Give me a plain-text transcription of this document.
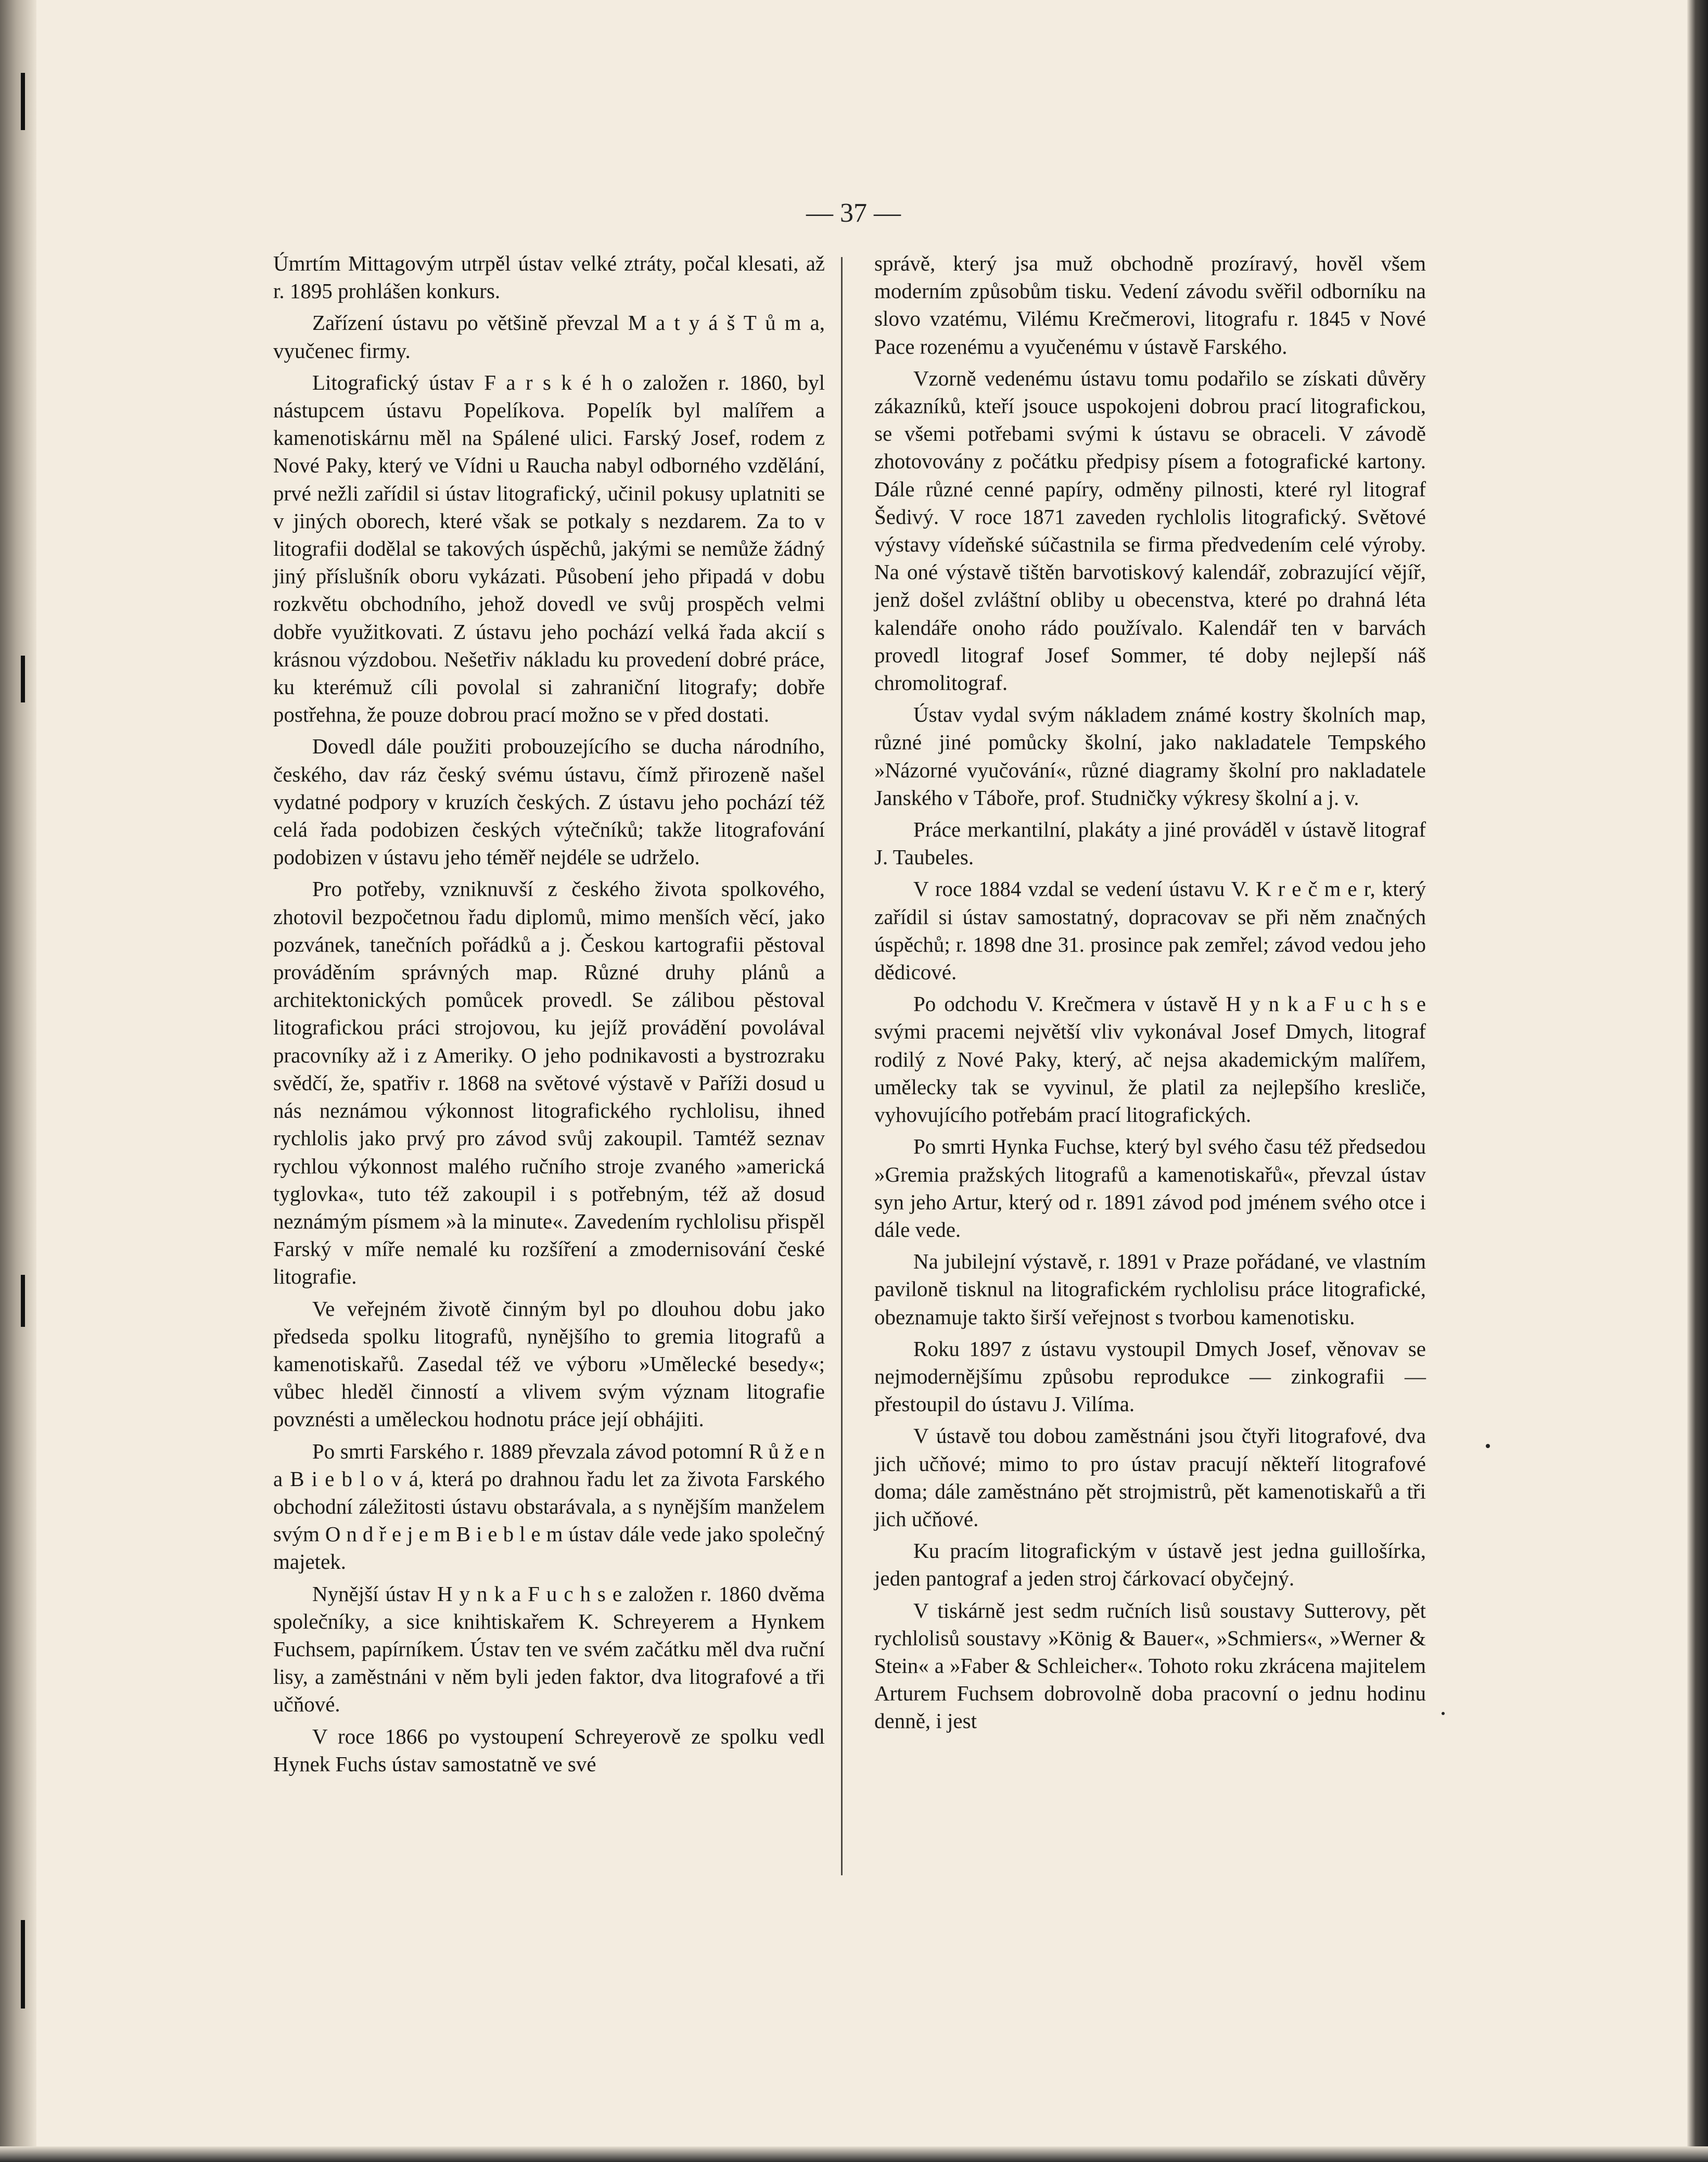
— 37 —

Úmrtím Mittagovým utrpěl ústav velké ztráty, počal klesati, až r. 1895 prohlášen konkurs.

Zařízení ústavu po většině převzal M a t y á š T ů m a, vyučenec firmy.

Litografický ústav F a r s k é h o založen r. 1860, byl nástupcem ústavu Popelíkova. Popelík byl malířem a kamenotiskárnu měl na Spálené ulici. Farský Josef, rodem z Nové Paky, který ve Vídni u Raucha nabyl odborného vzdělání, prvé nežli zařídil si ústav litografický, učinil pokusy uplatniti se v jiných oborech, které však se potkaly s nezdarem. Za to v litografii dodělal se takových úspěchů, jakými se nemůže žádný jiný příslušník oboru vykázati. Působení jeho připadá v dobu rozkvětu obchodního, jehož dovedl ve svůj prospěch velmi dobře využitkovati. Z ústavu jeho pochází velká řada akcií s krásnou výzdobou. Nešetřiv nákladu ku provedení dobré práce, ku kterémuž cíli povolal si zahraniční litografy; dobře postřehna, že pouze dobrou prací možno se v před dostati.

Dovedl dále použiti probouzejícího se ducha národního, českého, dav ráz český svému ústavu, čímž přirozeně našel vydatné podpory v kruzích českých. Z ústavu jeho pochází též celá řada podobizen českých výtečníků; takže litografování podobizen v ústavu jeho téměř nejdéle se udrželo.

Pro potřeby, vzniknuvší z českého života spolkového, zhotovil bezpočetnou řadu diplomů, mimo menších věcí, jako pozvánek, tanečních pořádků a j. Českou kartografii pěstoval prováděním správných map. Různé druhy plánů a architektonických pomůcek provedl. Se zálibou pěstoval litografickou práci strojovou, ku jejíž provádění povolával pracovníky až i z Ameriky. O jeho podnikavosti a bystrozraku svědčí, že, spatřiv r. 1868 na světové výstavě v Paříži dosud u nás neznámou výkonnost litografického rychlolisu, ihned rychlolis jako prvý pro závod svůj zakoupil. Tamtéž seznav rychlou výkonnost malého ručního stroje zvaného »americká tyglovka«, tuto též zakoupil i s potřebným, též až dosud neznámým písmem »à la minute«. Zavedením rychlolisu přispěl Farský v míře nemalé ku rozšíření a zmodernisování české litografie.

Ve veřejném životě činným byl po dlouhou dobu jako předseda spolku litografů, nynějšího to gremia litografů a kamenotiskařů. Zasedal též ve výboru »Umělecké besedy«; vůbec hleděl činností a vlivem svým význam litografie povznésti a uměleckou hodnotu práce její obhájiti.

Po smrti Farského r. 1889 převzala závod potomní R ů ž e n a B i e b l o v á, která po drahnou řadu let za života Farského obchodní záležitosti ústavu obstarávala, a s nynějším manželem svým O n d ř e j e m B i e b l e m ústav dále vede jako společný majetek.

Nynější ústav H y n k a F u c h s e založen r. 1860 dvěma společníky, a sice knihtiskařem K. Schreyerem a Hynkem Fuchsem, papírníkem. Ústav ten ve svém začátku měl dva ruční lisy, a zaměstnáni v něm byli jeden faktor, dva litografové a tři učňové.

V roce 1866 po vystoupení Schreyerově ze spolku vedl Hynek Fuchs ústav samostatně ve své

správě, který jsa muž obchodně prozíravý, hověl všem moderním způsobům tisku. Vedení závodu svěřil odborníku na slovo vzatému, Vilému Krečmerovi, litografu r. 1845 v Nové Pace rozenému a vyučenému v ústavě Farského.

Vzorně vedenému ústavu tomu podařilo se získati důvěry zákazníků, kteří jsouce uspokojeni dobrou prací litografickou, se všemi potřebami svými k ústavu se obraceli. V závodě zhotovovány z počátku předpisy písem a fotografické kartony. Dále různé cenné papíry, odměny pilnosti, které ryl litograf Šedivý. V roce 1871 zaveden rychlolis litografický. Světové výstavy vídeňské súčastnila se firma předvedením celé výroby. Na oné výstavě tištěn barvotiskový kalendář, zobrazující vějíř, jenž došel zvláštní obliby u obecenstva, které po drahná léta kalendáře onoho rádo používalo. Kalendář ten v barvách provedl litograf Josef Sommer, té doby nejlepší náš chromolitograf.

Ústav vydal svým nákladem známé kostry školních map, různé jiné pomůcky školní, jako nakladatele Tempského »Názorné vyučování«, různé diagramy školní pro nakladatele Janského v Táboře, prof. Studničky výkresy školní a j. v.

Práce merkantilní, plakáty a jiné prováděl v ústavě litograf J. Taubeles.

V roce 1884 vzdal se vedení ústavu V. K r e č m e r, který zařídil si ústav samostatný, dopracovav se při něm značných úspěchů; r. 1898 dne 31. prosince pak zemřel; závod vedou jeho dědicové.

Po odchodu V. Krečmera v ústavě H y n k a F u c h s e svými pracemi největší vliv vykonával Josef Dmych, litograf rodilý z Nové Paky, který, ač nejsa akademickým malířem, umělecky tak se vyvinul, že platil za nejlepšího kresliče, vyhovujícího potřebám prací litografických.

Po smrti Hynka Fuchse, který byl svého času též předsedou »Gremia pražských litografů a kamenotiskařů«, převzal ústav syn jeho Artur, který od r. 1891 závod pod jménem svého otce i dále vede.

Na jubilejní výstavě, r. 1891 v Praze pořádané, ve vlastním pavilonĕ tisknul na litografickém rychlolisu práce litografické, obeznamuje takto širší veřejnost s tvorbou kamenotisku.

Roku 1897 z ústavu vystoupil Dmych Josef, věnovav se nejmodernějšímu způsobu reprodukce — zinkografii — přestoupil do ústavu J. Vilíma.

V ústavě tou dobou zaměstnáni jsou čtyři litografové, dva jich učňové; mimo to pro ústav pracují někteří litografové doma; dále zaměstnáno pět strojmistrů, pět kamenotiskařů a tři jich učňové.

Ku pracím litografickým v ústavě jest jedna guillošírka, jeden pantograf a jeden stroj čárkovací obyčejný.

V tiskárně jest sedm ručních lisů soustavy Sutterovy, pět rychlolisů soustavy »König & Bauer«, »Schmiers«, »Werner & Stein« a »Faber & Schleicher«. Tohoto roku zkrácena majitelem Arturem Fuchsem dobrovolně doba pracovní o jednu hodinu denně, i jest
